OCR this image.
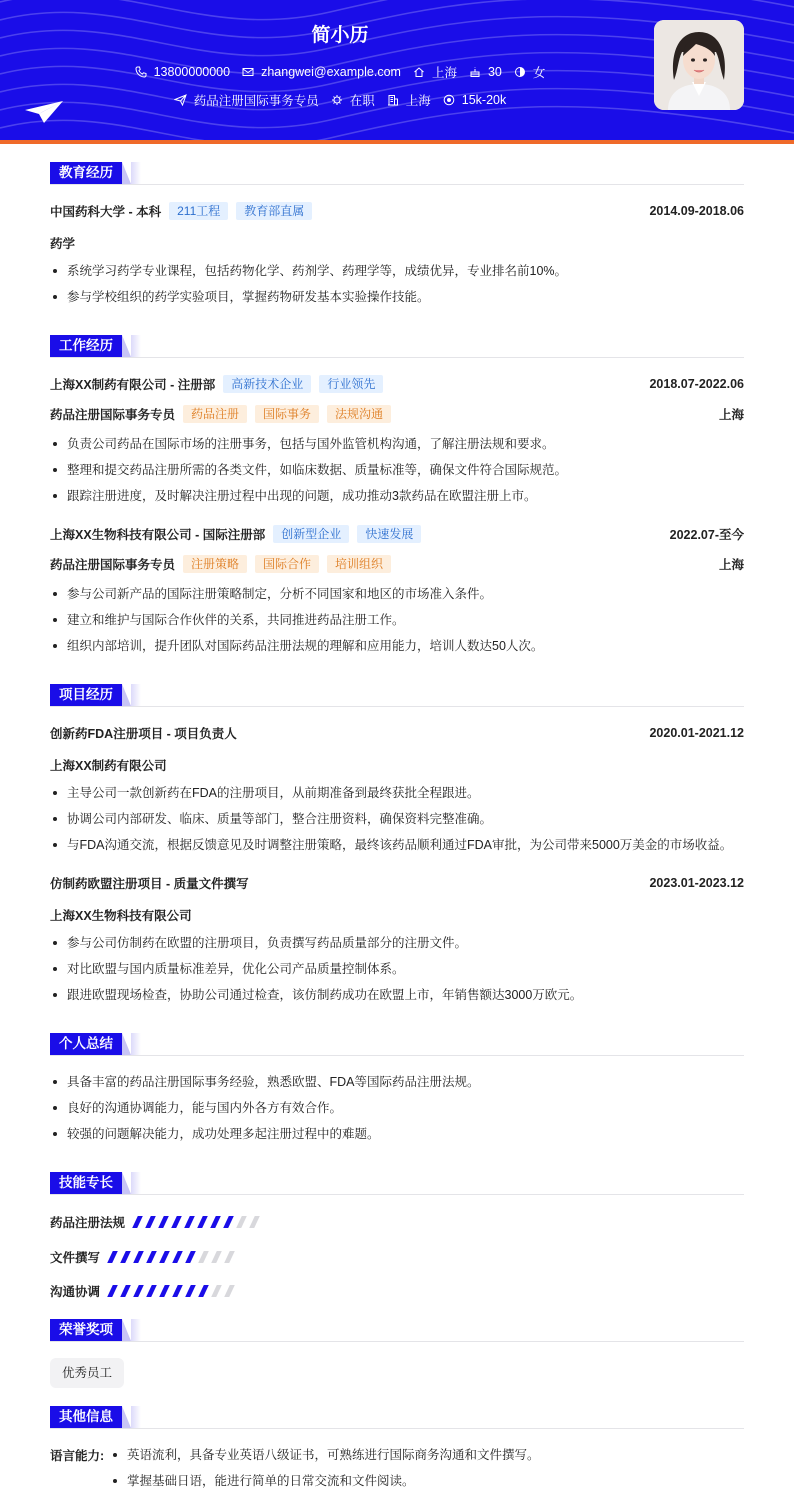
简小历
13800000000 zhangwei@example.com 上海 30 女
药品注册国际事务专员 在职 上海 15k-20k
教育经历
中国药科大学 - 本科	211工程	教育部直属	2014.09-2018.06
药学
系统学习药学专业课程，包括药物化学、药剂学、药理学等，成绩优异，专业排名前10%。
参与学校组织的药学实验项目，掌握药物研发基本实验操作技能。
工作经历
上海XX制药有限公司 - 注册部	高新技术企业	行业领先	2018.07-2022.06
药品注册国际事务专员	药品注册	国际事务	法规沟通	上海
负责公司药品在国际市场的注册事务，包括与国外监管机构沟通，了解注册法规和要求。
整理和提交药品注册所需的各类文件，如临床数据、质量标准等，确保文件符合国际规范。
跟踪注册进度，及时解决注册过程中出现的问题，成功推动3款药品在欧盟注册上市。
上海XX生物科技有限公司 - 国际注册部	创新型企业	快速发展	2022.07-至今
药品注册国际事务专员	注册策略	国际合作	培训组织	上海
参与公司新产品的国际注册策略制定，分析不同国家和地区的市场准入条件。
建立和维护与国际合作伙伴的关系，共同推进药品注册工作。
组织内部培训，提升团队对国际药品注册法规的理解和应用能力，培训人数达50人次。
项目经历
创新药FDA注册项目 - 项目负责人	2020.01-2021.12
上海XX制药有限公司
主导公司一款创新药在FDA的注册项目，从前期准备到最终获批全程跟进。
协调公司内部研发、临床、质量等部门，整合注册资料，确保资料完整准确。
与FDA沟通交流，根据反馈意见及时调整注册策略，最终该药品顺利通过FDA审批，为公司带来5000万美金的市场收益。
仿制药欧盟注册项目 - 质量文件撰写	2023.01-2023.12
上海XX生物科技有限公司
参与公司仿制药在欧盟的注册项目，负责撰写药品质量部分的注册文件。
对比欧盟与国内质量标准差异，优化公司产品质量控制体系。
跟进欧盟现场检查，协助公司通过检查，该仿制药成功在欧盟上市，年销售额达3000万欧元。
个人总结
具备丰富的药品注册国际事务经验，熟悉欧盟、FDA等国际药品注册法规。
良好的沟通协调能力，能与国内外各方有效合作。
较强的问题解决能力，成功处理多起注册过程中的难题。
技能专长
药品注册法规
文件撰写
沟通协调
荣誉奖项
优秀员工
其他信息
语言能力:	英语流利，具备专业英语八级证书，可熟练进行国际商务沟通和文件撰写。
掌握基础日语，能进行简单的日常交流和文件阅读。
